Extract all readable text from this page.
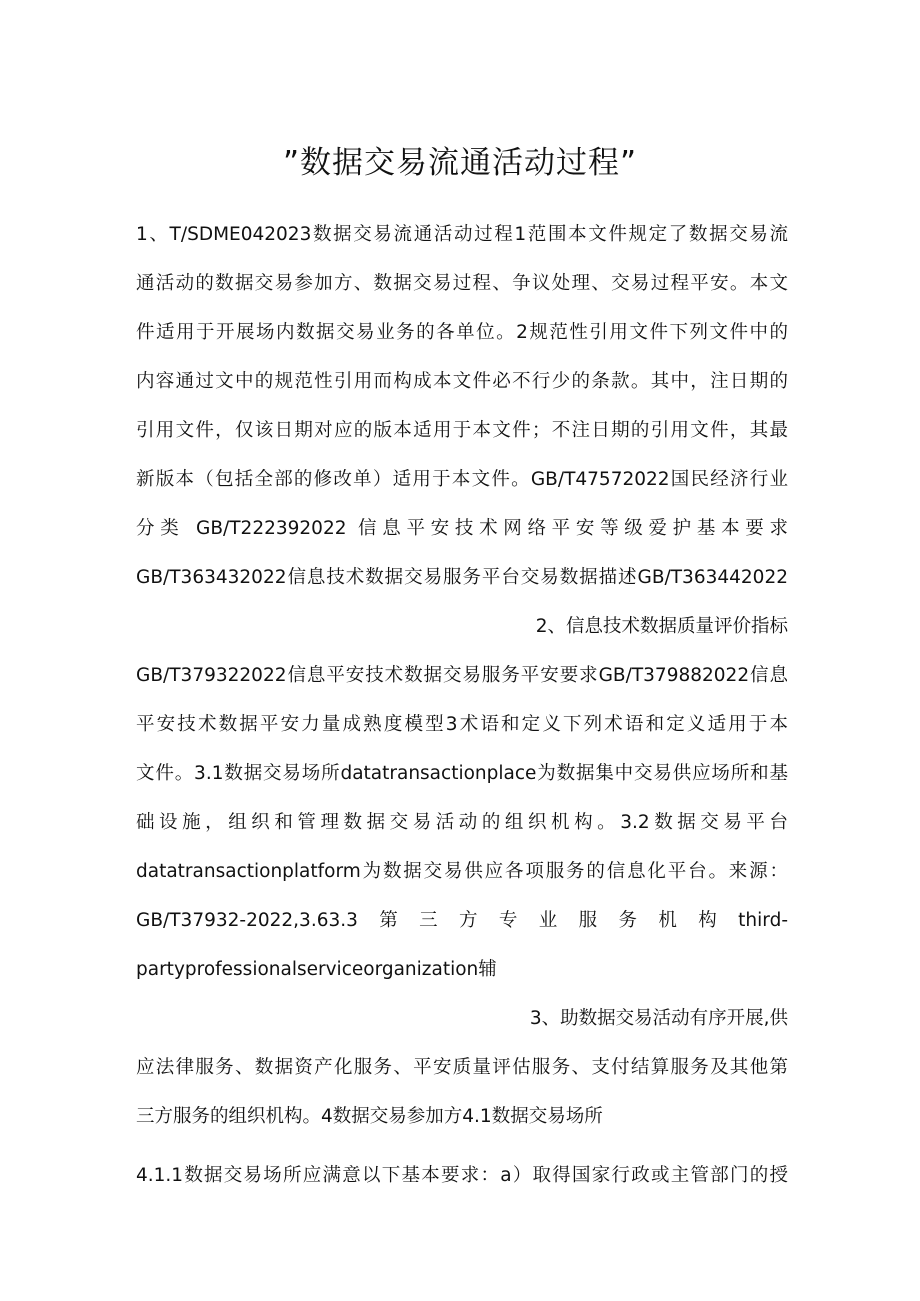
”数据交易流通活动过程”
1、T/SDME042023数据交易流通活动过程1范围本文件规定了数据交易流
通活动的数据交易参加方、数据交易过程、争议处理、交易过程平安。本文
件适用于开展场内数据交易业务的各单位。2规范性引用文件下列文件中的
内容通过文中的规范性引用而构成本文件必不行少的条款。其中，注日期的
引用文件，仅该日期对应的版本适用于本文件；不注日期的引用文件，其最
新版本（包括全部的修改单）适用于本文件。GB/T47572022国民经济行业
分类 GB/T222392022 信息平安技术网络平安等级爱护基本要求
GB/T363432022信息技术数据交易服务平台交易数据描述GB/T363442022
2、信息技术数据质量评价指标
GB/T379322022信息平安技术数据交易服务平安要求GB/T379882022信息
平安技术数据平安力量成熟度模型3术语和定义下列术语和定义适用于本
文件。3.1数据交易场所datatransactionplace为数据集中交易供应场所和基
础设施，组织和管理数据交易活动的组织机构。3.2数据交易平台
datatransactionplatform为数据交易供应各项服务的信息化平台。来源：
GB/T37932-2022,3.63.3　第　三　方　专　业　服　务　机　构　third-
partyprofessionalserviceorganization辅
3、助数据交易活动有序开展,供
应法律服务、数据资产化服务、平安质量评估服务、支付结算服务及其他第
三方服务的组织机构。4数据交易参加方4.1数据交易场所
4.1.1数据交易场所应满意以下基本要求：a）取得国家行政或主管部门的授
